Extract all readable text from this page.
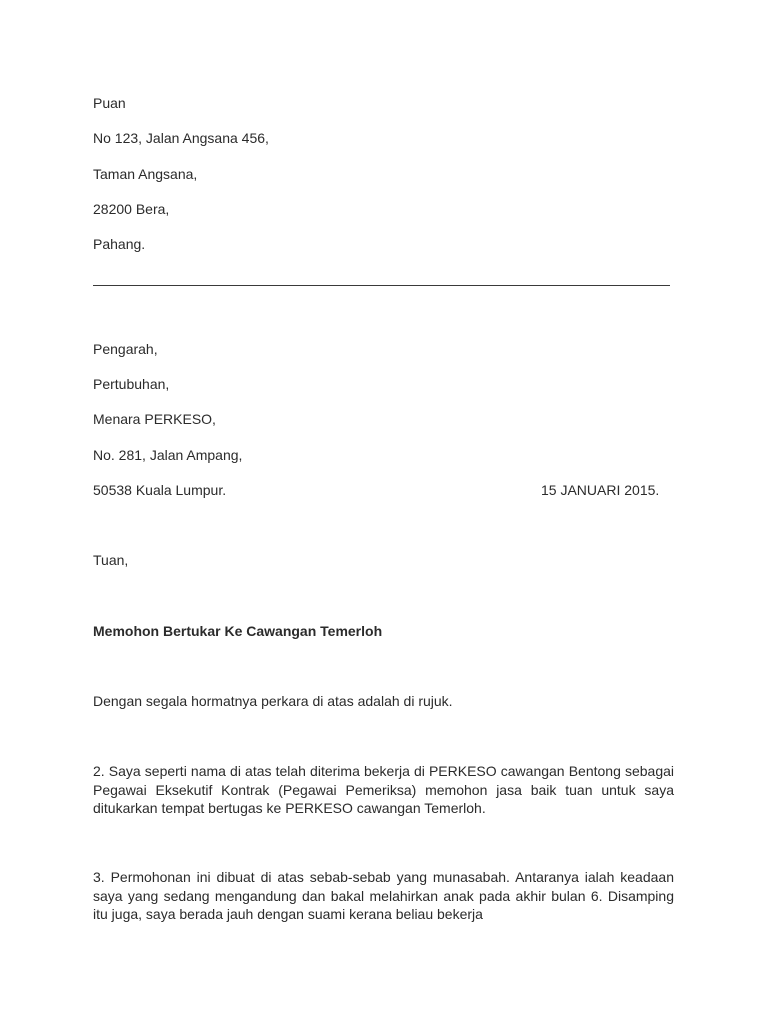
Puan
No 123, Jalan Angsana 456,
Taman Angsana,
28200 Bera,
Pahang.
Pengarah,
Pertubuhan,
Menara PERKESO,
No. 281, Jalan Ampang,
50538 Kuala Lumpur.	15 JANUARI 2015.
Tuan,
Memohon Bertukar Ke Cawangan Temerloh
Dengan segala hormatnya perkara di atas adalah di rujuk.
2. Saya seperti nama di atas telah diterima bekerja di PERKESO cawangan Bentong sebagai Pegawai Eksekutif Kontrak (Pegawai Pemeriksa) memohon jasa baik tuan untuk saya ditukarkan tempat bertugas ke PERKESO cawangan Temerloh.
3. Permohonan ini dibuat di atas sebab-sebab yang munasabah. Antaranya ialah keadaan saya yang sedang mengandung dan bakal melahirkan anak pada akhir bulan 6. Disamping itu juga, saya berada jauh dengan suami kerana beliau bekerja
